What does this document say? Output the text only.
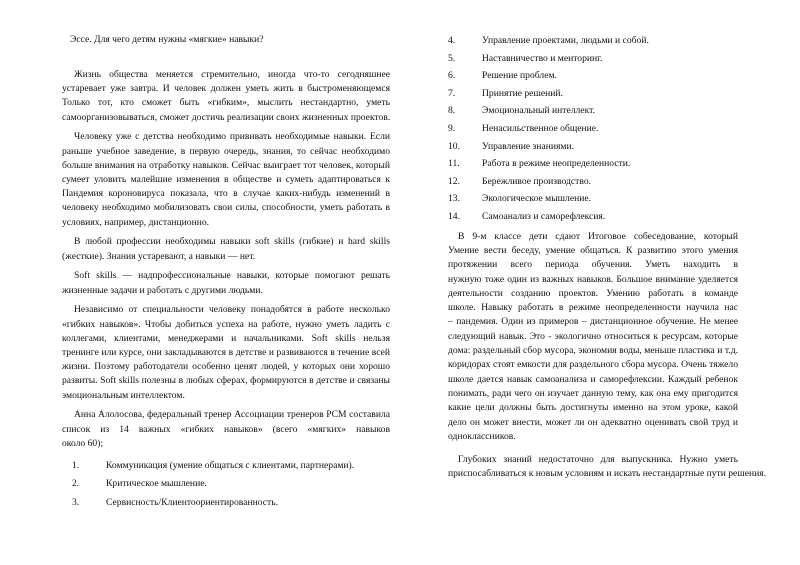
Эссе. Для чего детям нужны «мягкие» навыки?
Жизнь общества меняется стремительно, иногда что-то сегодняшнее
устаревает уже завтра. И человек должен уметь жить в быстроменяющемся
Только тот, кто сможет быть «гибким», мыслить нестандартно, уметь
самоорганизовываться, сможет достичь реализации своих жизненных проектов.
Человеку уже с детства необходимо прививать необходимые навыки. Если
раньше учебное заведение, в первую очередь, знания, то сейчас необходимо
больше внимания на отработку навыков. Сейчас выиграет тот человек, который
сумеет уловить малейшие изменения в обществе и суметь адаптироваться к
Пандемия короновируса показала, что в случае каких-нибудь изменений в
человеку необходимо мобилизовать свои силы, способности, уметь работать в
условиях, например, дистанционно.
В любой профессии необходимы навыки soft skills (гибкие) и hard skills
(жесткие). Знания устаревают, а навыки — нет.
Soft skills — надпрофессиональные навыки, которые помогают решать
жизненные задачи и работать с другими людьми.
Независимо от специальности человеку понадобятся в работе несколько
«гибких навыков». Чтобы добиться успеха на работе, нужно уметь ладить с
коллегами, клиентами, менеджерами и начальниками. Soft skills нельзя
тренинге или курсе, они закладываются в детстве и развиваются в течение всей
жизни. Поэтому работодатели особенно ценят людей, у которых они хорошо
развиты. Soft skills полезны в любых сферах, формируются в детстве и связаны
эмоциональным интеллектом.
Анна Алолосова, федеральный тренер Ассоциации тренеров РСМ составила
список из 14 важных «гибких навыков» (всего «мягких» навыков
около 60);
1.	Коммуникация (умение общаться с клиентами, партнерами).
2.	Критическое мышление.
3.	Сервисность/Клиентоориентированность.
4.	Управление проектами, людьми и собой.
5.	Наставничество и менторинг.
6.	Решение проблем.
7.	Принятие решений.
8.	Эмоциональный интеллект.
9.	Ненасильственное общение.
10.	Управление знаниями.
11.	Работа в режиме неопределенности.
12.	Бережливое производство.
13.	Экологическое мышление.
14.	Самоанализ и саморефлексия.
В 9-м классе дети сдают Итоговое собеседование, который
Умение вести беседу, умение общаться. К развитию этого умения
протяжении всего периода обучения. Уметь находить в
нужную тоже один из важных навыков. Большое внимание уделяется
деятельности созданию проектов. Умению работать в команде
школе. Навыку работать в режиме неопределенности научила нас
– пандемия. Один из примеров – дистанционное обучение. Не менее
следующий навык. Это - экологично относиться к ресурсам, которые
дома: раздельный сбор мусора, экономия воды, меньше пластика и т.д.
коридорах стоят емкости для раздельного сбора мусора. Очень тяжело
школе дается навык самоанализа и саморефлексии. Каждый ребенок
понимать, ради чего он изучает данную тему, как она ему пригодится
какие цели должны быть достигнуты именно на этом уроке, какой
дело он может внести, может ли он адекватно оценивать свой труд и
одноклассников.
Глубоких знаний недостаточно для выпускника. Нужно уметь
приспосабливаться к новым условиям и искать нестандартные пути решения.
